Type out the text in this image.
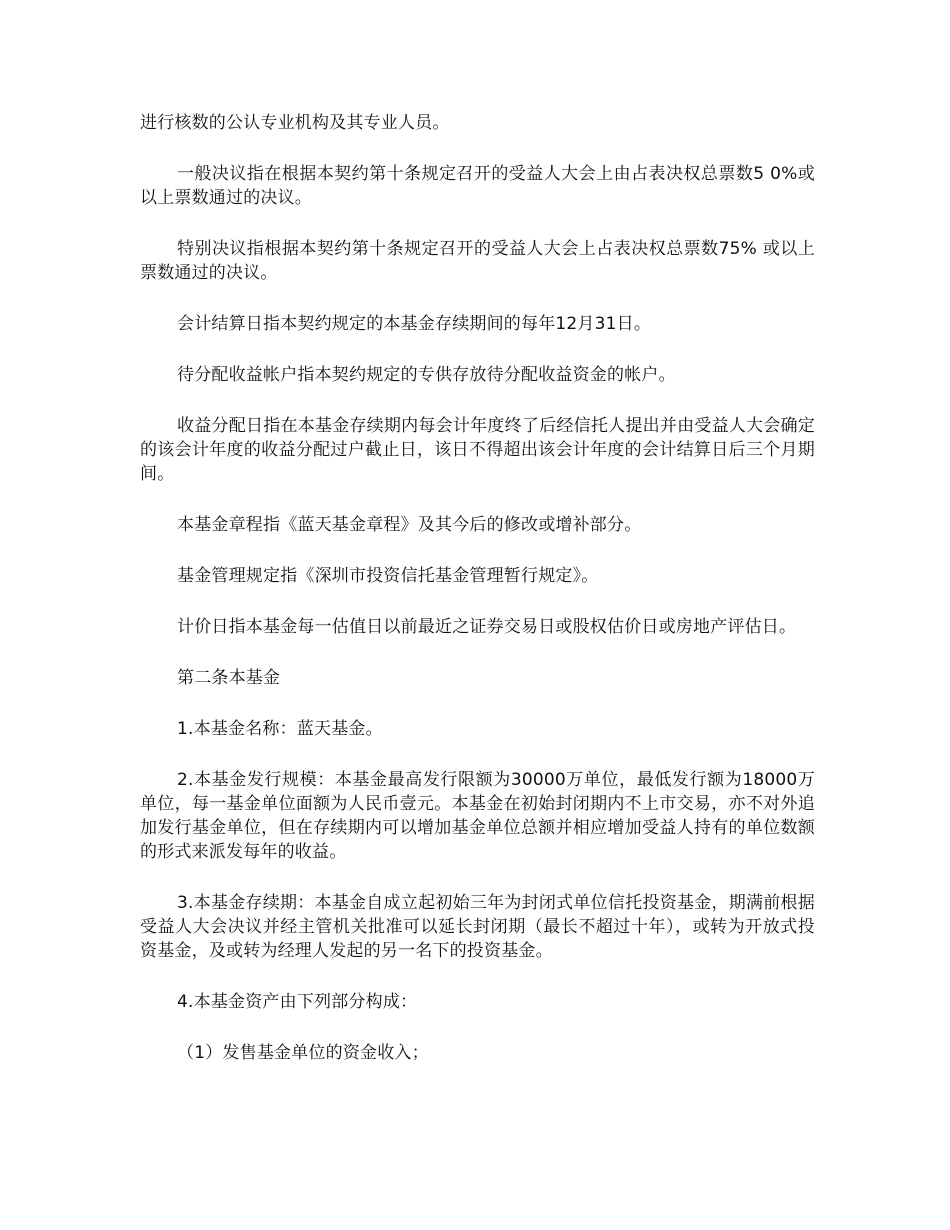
进行核数的公认专业机构及其专业人员。

一般决议指在根据本契约第十条规定召开的受益人大会上由占表决权总票数5 0%或以上票数通过的决议。

特别决议指根据本契约第十条规定召开的受益人大会上占表决权总票数75% 或以上票数通过的决议。

会计结算日指本契约规定的本基金存续期间的每年12月31日。

待分配收益帐户指本契约规定的专供存放待分配收益资金的帐户。

收益分配日指在本基金存续期内每会计年度终了后经信托人提出并由受益人大会确定的该会计年度的收益分配过户截止日，该日不得超出该会计年度的会计结算日后三个月期间。

本基金章程指《蓝天基金章程》及其今后的修改或增补部分。

基金管理规定指《深圳市投资信托基金管理暂行规定》。

计价日指本基金每一估值日以前最近之证券交易日或股权估价日或房地产评估日。

第二条本基金

1.本基金名称：蓝天基金。

2.本基金发行规模：本基金最高发行限额为30000万单位，最低发行额为18000万单位，每一基金单位面额为人民币壹元。本基金在初始封闭期内不上市交易，亦不对外追加发行基金单位，但在存续期内可以增加基金单位总额并相应增加受益人持有的单位数额的形式来派发每年的收益。

3.本基金存续期：本基金自成立起初始三年为封闭式单位信托投资基金，期满前根据受益人大会决议并经主管机关批准可以延长封闭期（最长不超过十年），或转为开放式投资基金，及或转为经理人发起的另一名下的投资基金。

4.本基金资产由下列部分构成：

（1）发售基金单位的资金收入；
